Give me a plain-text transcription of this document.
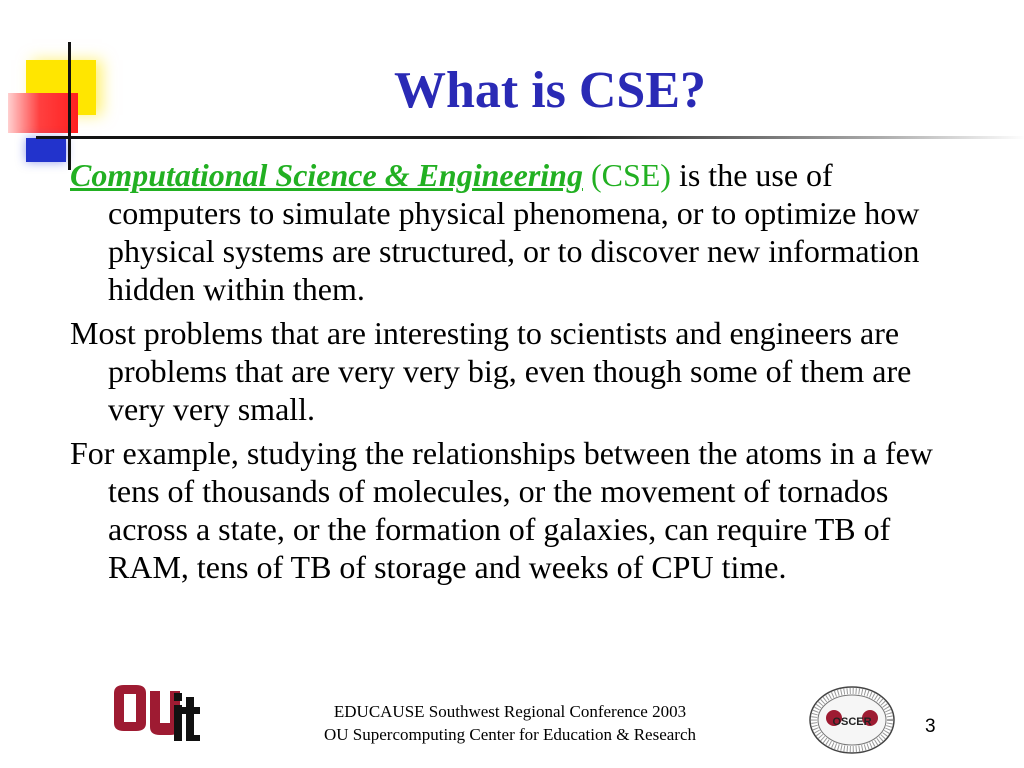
What is CSE?

Computational Science & Engineering (CSE) is the use of computers to simulate physical phenomena, or to optimize how physical systems are structured, or to discover new information hidden within them.

Most problems that are interesting to scientists and engineers are problems that are very very big, even though some of them are very very small.

For example, studying the relationships between the atoms in a few tens of thousands of molecules, or the movement of tornados across a state, or the formation of galaxies, can require TB of RAM, tens of TB of storage and weeks of CPU time.

EDUCAUSE Southwest Regional Conference 2003
OU Supercomputing Center for Education & Research
OSCER	3
